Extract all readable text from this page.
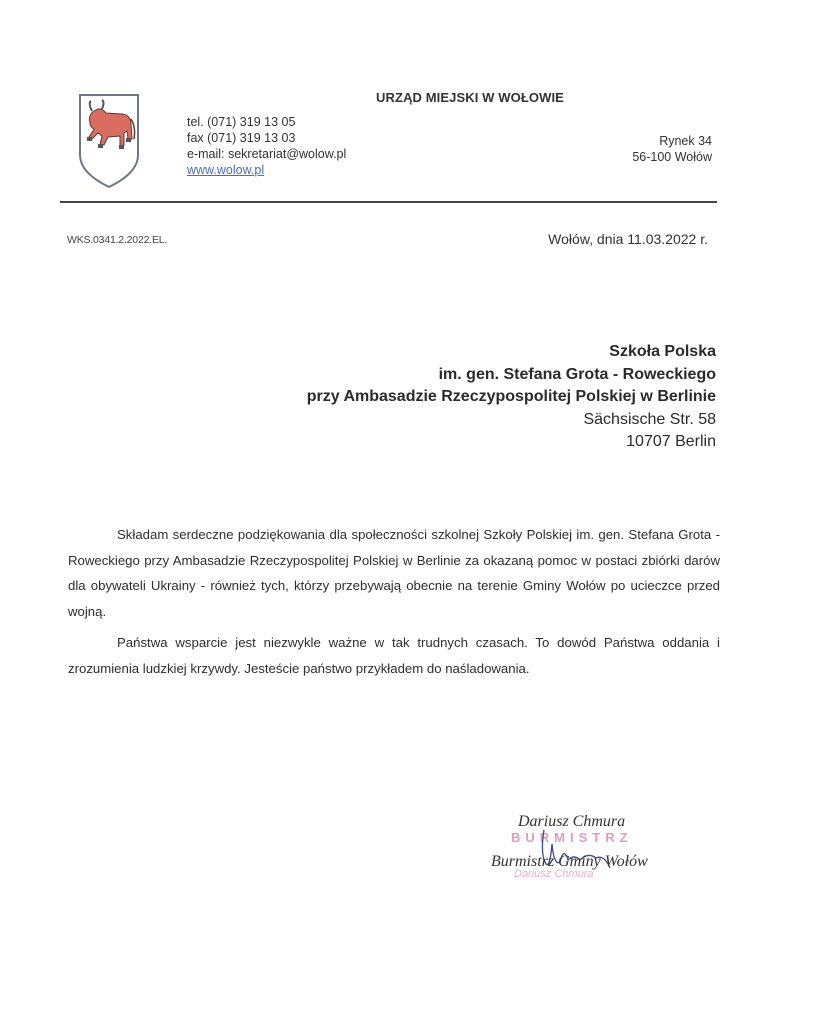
URZĄD MIEJSKI W WOŁOWIE
tel. (071) 319 13 05
fax (071) 319 13 03
e-mail: sekretariat@wolow.pl
www.wolow.pl
Rynek 34
56-100 Wołów
WKS.0341.2.2022.EL.	Wołów, dnia 11.03.2022 r.
Szkoła Polska
im. gen. Stefana Grota - Roweckiego
przy Ambasadzie Rzeczypospolitej Polskiej w Berlinie
Sächsische Str. 58
10707 Berlin

Składam serdeczne podziękowania dla społeczności szkolnej Szkoły Polskiej im. gen. Stefana Grota - Roweckiego przy Ambasadzie Rzeczypospolitej Polskiej w Berlinie za okazaną pomoc w postaci zbiórki darów dla obywateli Ukrainy - również tych, którzy przebywają obecnie na terenie Gminy Wołów po ucieczce przed wojną.

Państwa wsparcie jest niezwykle ważne w tak trudnych czasach. To dowód Państwa oddania i zrozumienia ludzkiej krzywdy. Jesteście państwo przykładem do naśladowania.

BURMISTRZ
Dariusz Chmura
Dariusz Chmura
Burmistrz Gminy Wołów
